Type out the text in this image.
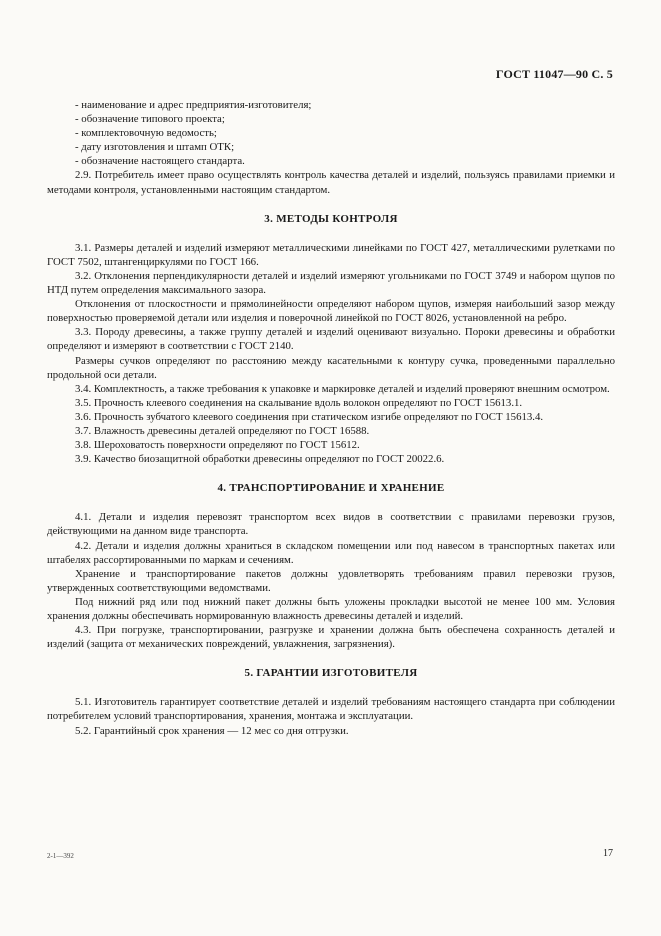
ГОСТ 11047—90 С. 5

- наименование и адрес предприятия-изготовителя;

- обозначение типового проекта;

- комплектовочную ведомость;

- дату изготовления и штамп ОТК;

- обозначение настоящего стандарта.

2.9. Потребитель имеет право осуществлять контроль качества деталей и изделий, пользуясь правилами приемки и методами контроля, установленными настоящим стандартом.

3. МЕТОДЫ КОНТРОЛЯ

3.1. Размеры деталей и изделий измеряют металлическими линейками по ГОСТ 427, металлическими рулетками по ГОСТ 7502, штангенциркулями по ГОСТ 166.

3.2. Отклонения перпендикулярности деталей и изделий измеряют угольниками по ГОСТ 3749 и набором щупов по НТД путем определения максимального зазора.

Отклонения от плоскостности и прямолинейности определяют набором щупов, измеряя наибольший зазор между поверхностью проверяемой детали или изделия и поверочной линейкой по ГОСТ 8026, установленной на ребро.

3.3. Породу древесины, а также группу деталей и изделий оценивают визуально. Пороки древесины и обработки определяют и измеряют в соответствии с ГОСТ 2140.

Размеры сучков определяют по расстоянию между касательными к контуру сучка, проведенными параллельно продольной оси детали.

3.4. Комплектность, а также требования к упаковке и маркировке деталей и изделий проверяют внешним осмотром.

3.5. Прочность клеевого соединения на скалывание вдоль волокон определяют по ГОСТ 15613.1.

3.6. Прочность зубчатого клеевого соединения при статическом изгибе определяют по ГОСТ 15613.4.

3.7. Влажность древесины деталей определяют по ГОСТ 16588.

3.8. Шероховатость поверхности определяют по ГОСТ 15612.

3.9. Качество биозащитной обработки древесины определяют по ГОСТ 20022.6.

4. ТРАНСПОРТИРОВАНИЕ И ХРАНЕНИЕ

4.1. Детали и изделия перевозят транспортом всех видов в соответствии с правилами перевозки грузов, действующими на данном виде транспорта.

4.2. Детали и изделия должны храниться в складском помещении или под навесом в транспортных пакетах или штабелях рассортированными по маркам и сечениям.

Хранение и транспортирование пакетов должны удовлетворять требованиям правил перевозки грузов, утвержденных соответствующими ведомствами.

Под нижний ряд или под нижний пакет должны быть уложены прокладки высотой не менее 100 мм. Условия хранения должны обеспечивать нормированную влажность древесины деталей и изделий.

4.3. При погрузке, транспортировании, разгрузке и хранении должна быть обеспечена сохранность деталей и изделий (защита от механических повреждений, увлажнения, загрязнения).

5. ГАРАНТИИ ИЗГОТОВИТЕЛЯ

5.1. Изготовитель гарантирует соответствие деталей и изделий требованиям настоящего стандарта при соблюдении потребителем условий транспортирования, хранения, монтажа и эксплуатации.

5.2. Гарантийный срок хранения — 12 мес со дня отгрузки.

2-1—392	17
